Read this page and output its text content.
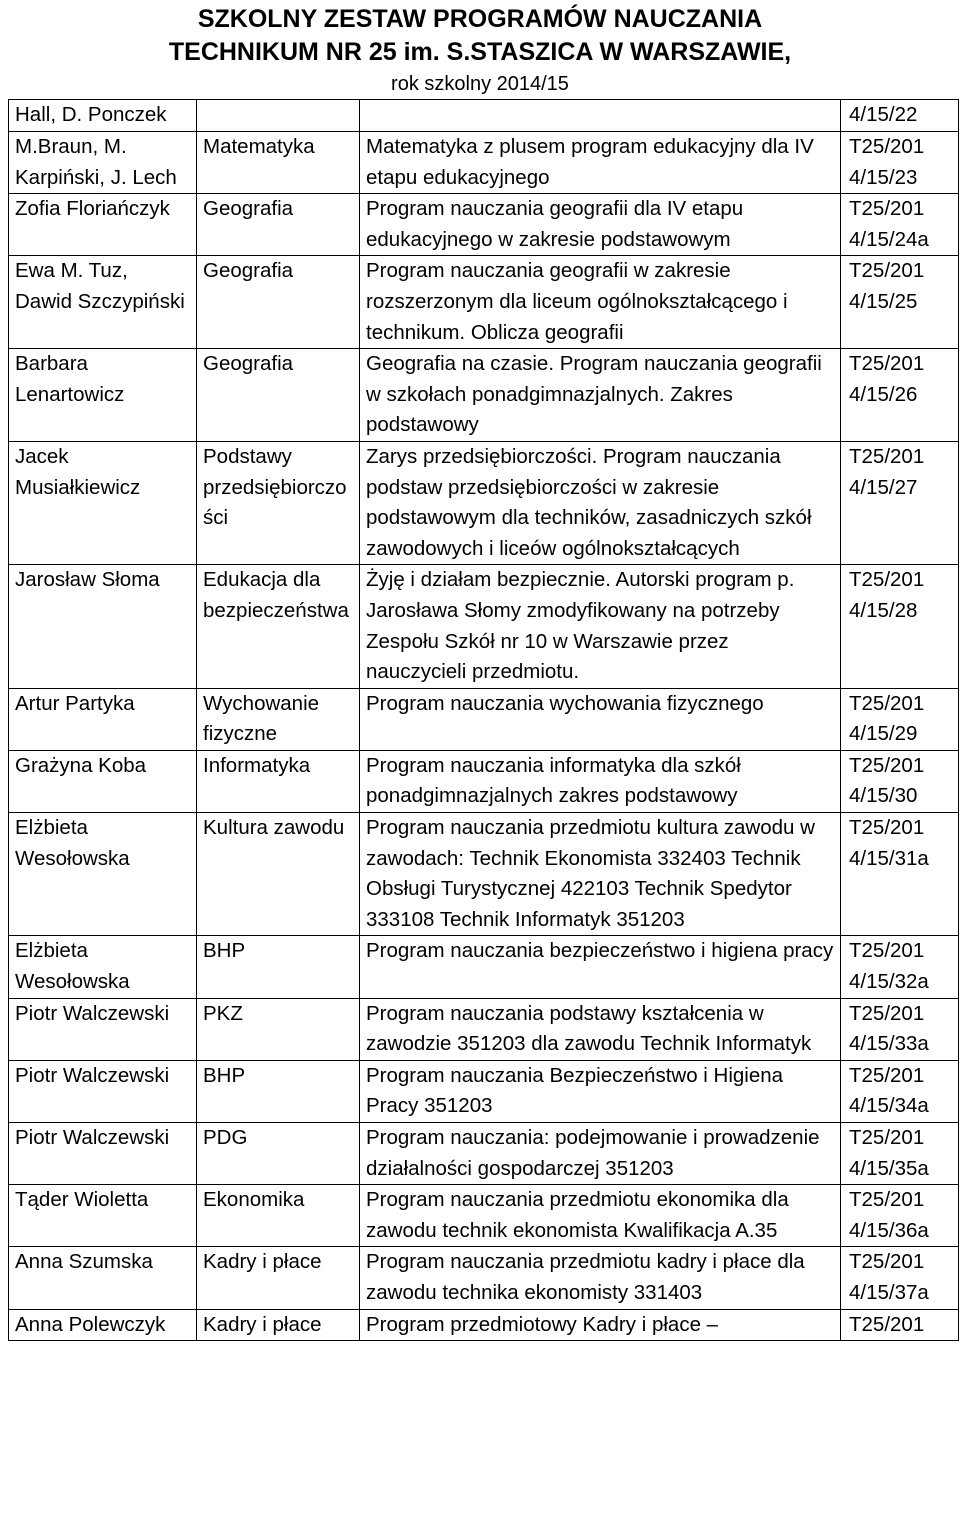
SZKOLNY ZESTAW PROGRAMÓW NAUCZANIA
TECHNIKUM NR 25 im. S.STASZICA W WARSZAWIE,
rok szkolny 2014/15
Hall, D. Ponczek			4/15/22
M.Braun, M. Karpiński, J. Lech	Matematyka	Matematyka z plusem program edukacyjny dla IV etapu edukacyjnego	T25/201 4/15/23
Zofia Floriańczyk	Geografia	Program nauczania geografii dla IV etapu edukacyjnego w zakresie podstawowym	T25/201 4/15/24a
Ewa M. Tuz, Dawid Szczypiński	Geografia	Program nauczania geografii w zakresie rozszerzonym dla liceum ogólnokształcącego i technikum. Oblicza geografii	T25/201 4/15/25
Barbara Lenartowicz	Geografia	Geografia na czasie. Program nauczania geografii w szkołach ponadgimnazjalnych. Zakres podstawowy	T25/201 4/15/26
Jacek Musiałkiewicz	Podstawy przedsiębiorczości	Zarys przedsiębiorczości. Program nauczania podstaw przedsiębiorczości w zakresie podstawowym dla techników, zasadniczych szkół zawodowych i liceów ogólnokształcących	T25/201 4/15/27
Jarosław Słoma	Edukacja dla bezpieczeństwa	Żyję i działam bezpiecznie. Autorski program p. Jarosława Słomy zmodyfikowany na potrzeby Zespołu Szkół nr 10 w Warszawie przez nauczycieli przedmiotu.	T25/201 4/15/28
Artur Partyka	Wychowanie fizyczne	Program nauczania wychowania fizycznego	T25/201 4/15/29
Grażyna Koba	Informatyka	Program nauczania informatyka dla szkół ponadgimnazjalnych zakres podstawowy	T25/201 4/15/30
Elżbieta Wesołowska	Kultura zawodu	Program nauczania przedmiotu kultura zawodu w zawodach: Technik Ekonomista 332403 Technik Obsługi Turystycznej 422103 Technik Spedytor 333108 Technik Informatyk 351203	T25/201 4/15/31a
Elżbieta Wesołowska	BHP	Program nauczania bezpieczeństwo i higiena pracy	T25/201 4/15/32a
Piotr Walczewski	PKZ	Program nauczania podstawy kształcenia w zawodzie 351203 dla zawodu Technik Informatyk	T25/201 4/15/33a
Piotr Walczewski	BHP	Program nauczania Bezpieczeństwo i Higiena Pracy 351203	T25/201 4/15/34a
Piotr Walczewski	PDG	Program nauczania: podejmowanie i prowadzenie działalności gospodarczej 351203	T25/201 4/15/35a
Tąder Wioletta	Ekonomika	Program nauczania przedmiotu ekonomika dla zawodu technik ekonomista Kwalifikacja A.35	T25/201 4/15/36a
Anna Szumska	Kadry i płace	Program nauczania przedmiotu kadry i płace dla zawodu technika ekonomisty 331403	T25/201 4/15/37a
Anna Polewczyk	Kadry i płace	Program przedmiotowy Kadry i płace –	T25/201
